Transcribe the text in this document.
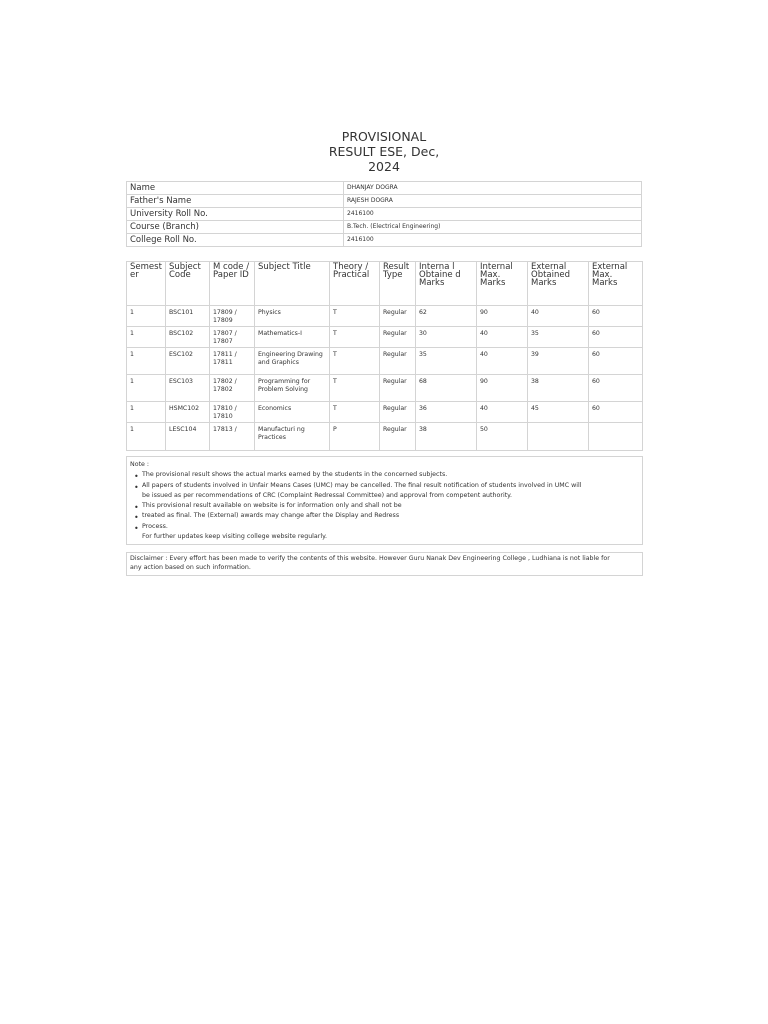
PROVISIONAL
RESULT ESE, Dec,
2024
Name	DHANJAY DOGRA
Father's Name	RAJESH DOGRA
University Roll No.	2416100
Course (Branch)	B.Tech. (Electrical Engineering)
College Roll No.	2416100
Semest er	Subject Code	M code / Paper ID	Subject Title	Theory / Practical	Result Type	Interna l Obtaine d Marks	Internal Max. Marks	External Obtained Marks	External Max. Marks
1	BSC101	17809 / 17809	Physics	T	Regular	62	90	40	60
1	BSC102	17807 / 17807	Mathematics-I	T	Regular	30	40	35	60
1	ESC102	17811 / 17811	Engineering Drawing and Graphics	T	Regular	35	40	39	60
1	ESC103	17802 / 17802	Programming for Problem Solving	T	Regular	68	90	38	60
1	HSMC102	17810 / 17810	Economics	T	Regular	36	40	45	60
1	LESC104	17813 /	Manufacturi ng Practices	P	Regular	38	50		
Note :
• The provisional result shows the actual marks earned by the students in the concerned subjects.
• All papers of students involved in Unfair Means Cases (UMC) may be cancelled. The final result notification of students involved in UMC will
be issued as per recommendations of CRC (Complaint Redressal Committee) and approval from competent authority.
• This provisional result available on website is for information only and shall not be
• treated as final. The (External) awards may change after the Display and Redress
• Process.
For further updates keep visiting college website regularly.
Disclaimer : Every effort has been made to verify the contents of this website. However Guru Nanak Dev Engineering College , Ludhiana is not liable for
any action based on such information.
